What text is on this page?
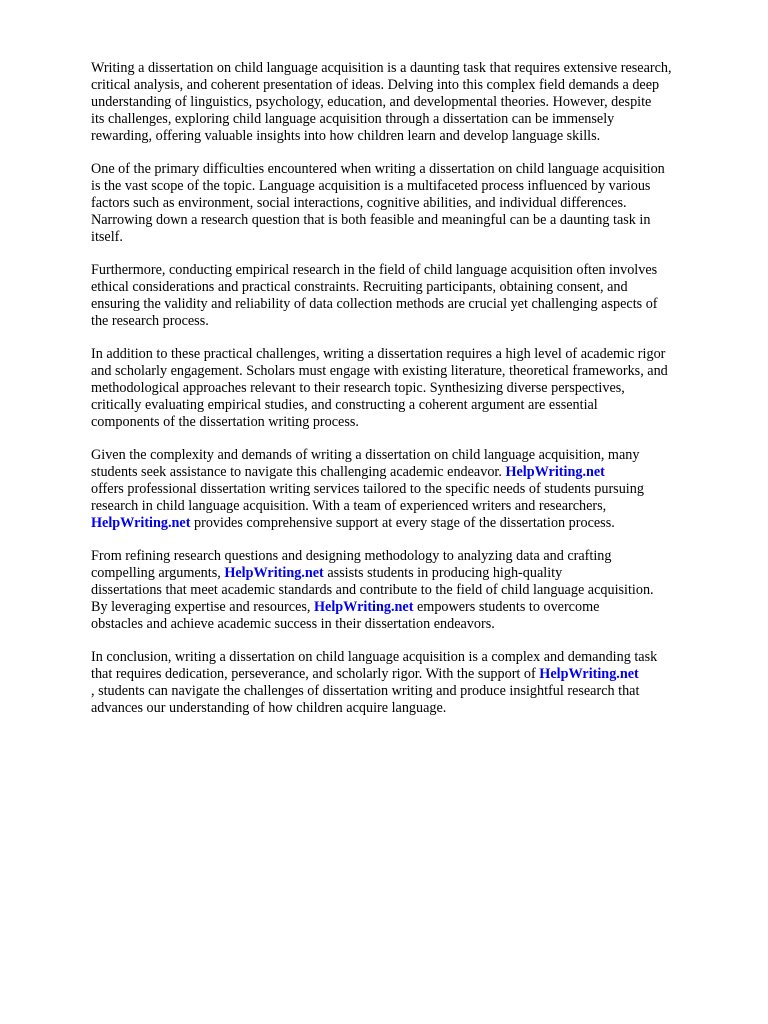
Writing a dissertation on child language acquisition is a daunting task that requires extensive research,
critical analysis, and coherent presentation of ideas. Delving into this complex field demands a deep
understanding of linguistics, psychology, education, and developmental theories. However, despite
its challenges, exploring child language acquisition through a dissertation can be immensely
rewarding, offering valuable insights into how children learn and develop language skills.

One of the primary difficulties encountered when writing a dissertation on child language acquisition
is the vast scope of the topic. Language acquisition is a multifaceted process influenced by various
factors such as environment, social interactions, cognitive abilities, and individual differences.
Narrowing down a research question that is both feasible and meaningful can be a daunting task in
itself.

Furthermore, conducting empirical research in the field of child language acquisition often involves
ethical considerations and practical constraints. Recruiting participants, obtaining consent, and
ensuring the validity and reliability of data collection methods are crucial yet challenging aspects of
the research process.

In addition to these practical challenges, writing a dissertation requires a high level of academic rigor
and scholarly engagement. Scholars must engage with existing literature, theoretical frameworks, and
methodological approaches relevant to their research topic. Synthesizing diverse perspectives,
critically evaluating empirical studies, and constructing a coherent argument are essential
components of the dissertation writing process.

Given the complexity and demands of writing a dissertation on child language acquisition, many
students seek assistance to navigate this challenging academic endeavor. HelpWriting.net
offers professional dissertation writing services tailored to the specific needs of students pursuing
research in child language acquisition. With a team of experienced writers and researchers,
HelpWriting.net provides comprehensive support at every stage of the dissertation process.

From refining research questions and designing methodology to analyzing data and crafting
compelling arguments, HelpWriting.net assists students in producing high-quality
dissertations that meet academic standards and contribute to the field of child language acquisition.
By leveraging expertise and resources, HelpWriting.net empowers students to overcome
obstacles and achieve academic success in their dissertation endeavors.

In conclusion, writing a dissertation on child language acquisition is a complex and demanding task
that requires dedication, perseverance, and scholarly rigor. With the support of HelpWriting.net
, students can navigate the challenges of dissertation writing and produce insightful research that
advances our understanding of how children acquire language.
